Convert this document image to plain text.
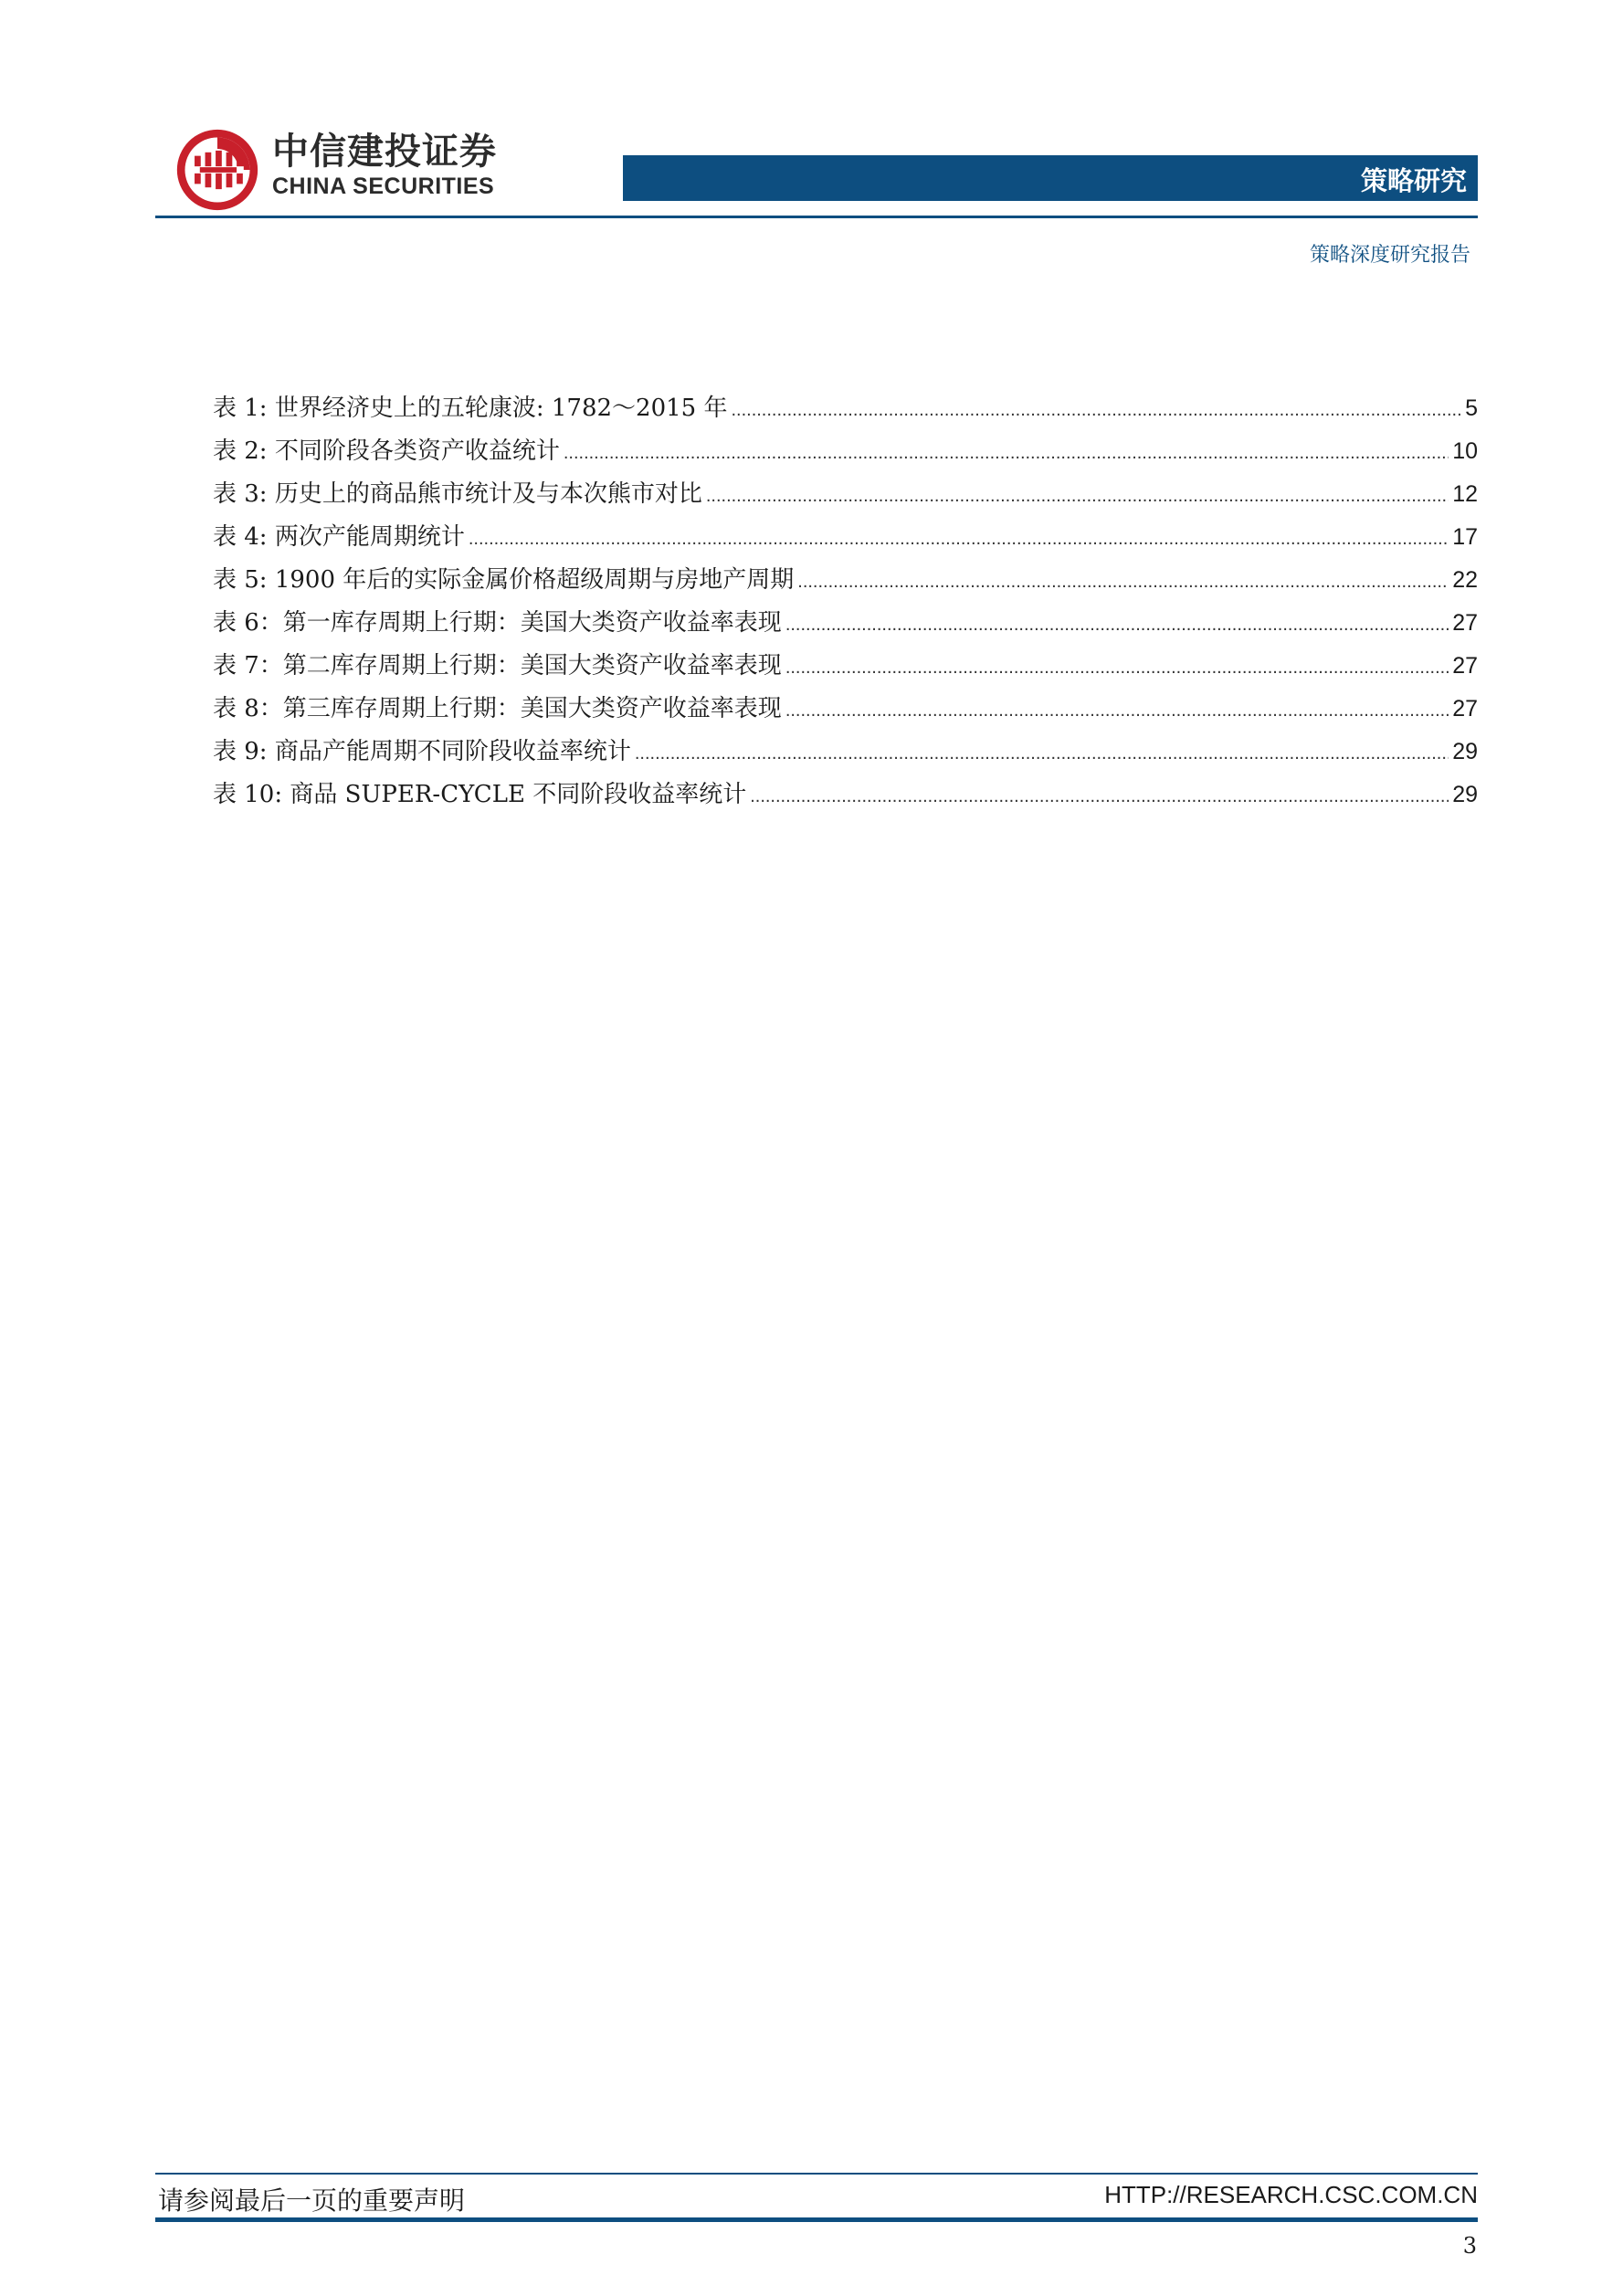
中信建投证券
CHINA SECURITIES	策略研究
策略深度研究报告
表 1: 世界经济史上的五轮康波: 1782～2015 年 .....	5
表 2: 不同阶段各类资产收益统计 .....	10
表 3: 历史上的商品熊市统计及与本次熊市对比 .....	12
表 4: 两次产能周期统计 .....	17
表 5: 1900 年后的实际金属价格超级周期与房地产周期 .....	22
表 6：第一库存周期上行期：美国大类资产收益率表现 .....	27
表 7：第二库存周期上行期：美国大类资产收益率表现 .....	27
表 8：第三库存周期上行期：美国大类资产收益率表现 .....	27
表 9: 商品产能周期不同阶段收益率统计 .....	29
表 10: 商品 SUPER-CYCLE 不同阶段收益率统计 .....	29
请参阅最后一页的重要声明	HTTP://RESEARCH.CSC.COM.CN
3
